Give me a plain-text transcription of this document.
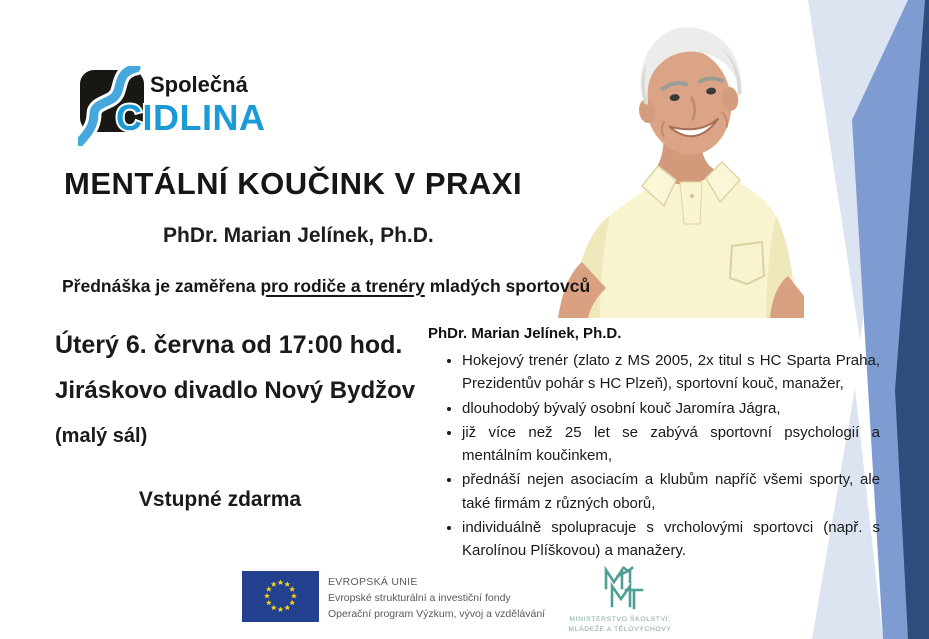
Společná
CIDLINA
MENTÁLNÍ KOUČINK V PRAXI
PhDr. Marian Jelínek, Ph.D.
Přednáška je zaměřena pro rodiče a trenéry mladých sportovců
Úterý 6. června od 17:00 hod.
Jiráskovo divadlo Nový Bydžov
(malý sál)
Vstupné zdarma
PhDr. Marian Jelínek, Ph.D.
• Hokejový trenér (zlato z MS 2005, 2x titul s HC Sparta Praha, Prezidentův pohár s HC Plzeň), sportovní kouč, manažer,
• dlouhodobý bývalý osobní kouč Jaromíra Jágra,
• již více než 25 let se zabývá sportovní psychologií a mentálním koučinkem,
• přednáší nejen asociacím a klubům napříč všemi sporty, ale také firmám z různých oborů,
• individuálně spolupracuje s vrcholovými sportovci (např. s Karolínou Plíškovou) a manažery.
EVROPSKÁ UNIE
Evropské strukturální a investiční fondy
Operační program Výzkum, vývoj a vzdělávání	MINISTERSTVO ŠKOLSTVÍ,
MLÁDEŽE A TĚLOVÝCHOVY
